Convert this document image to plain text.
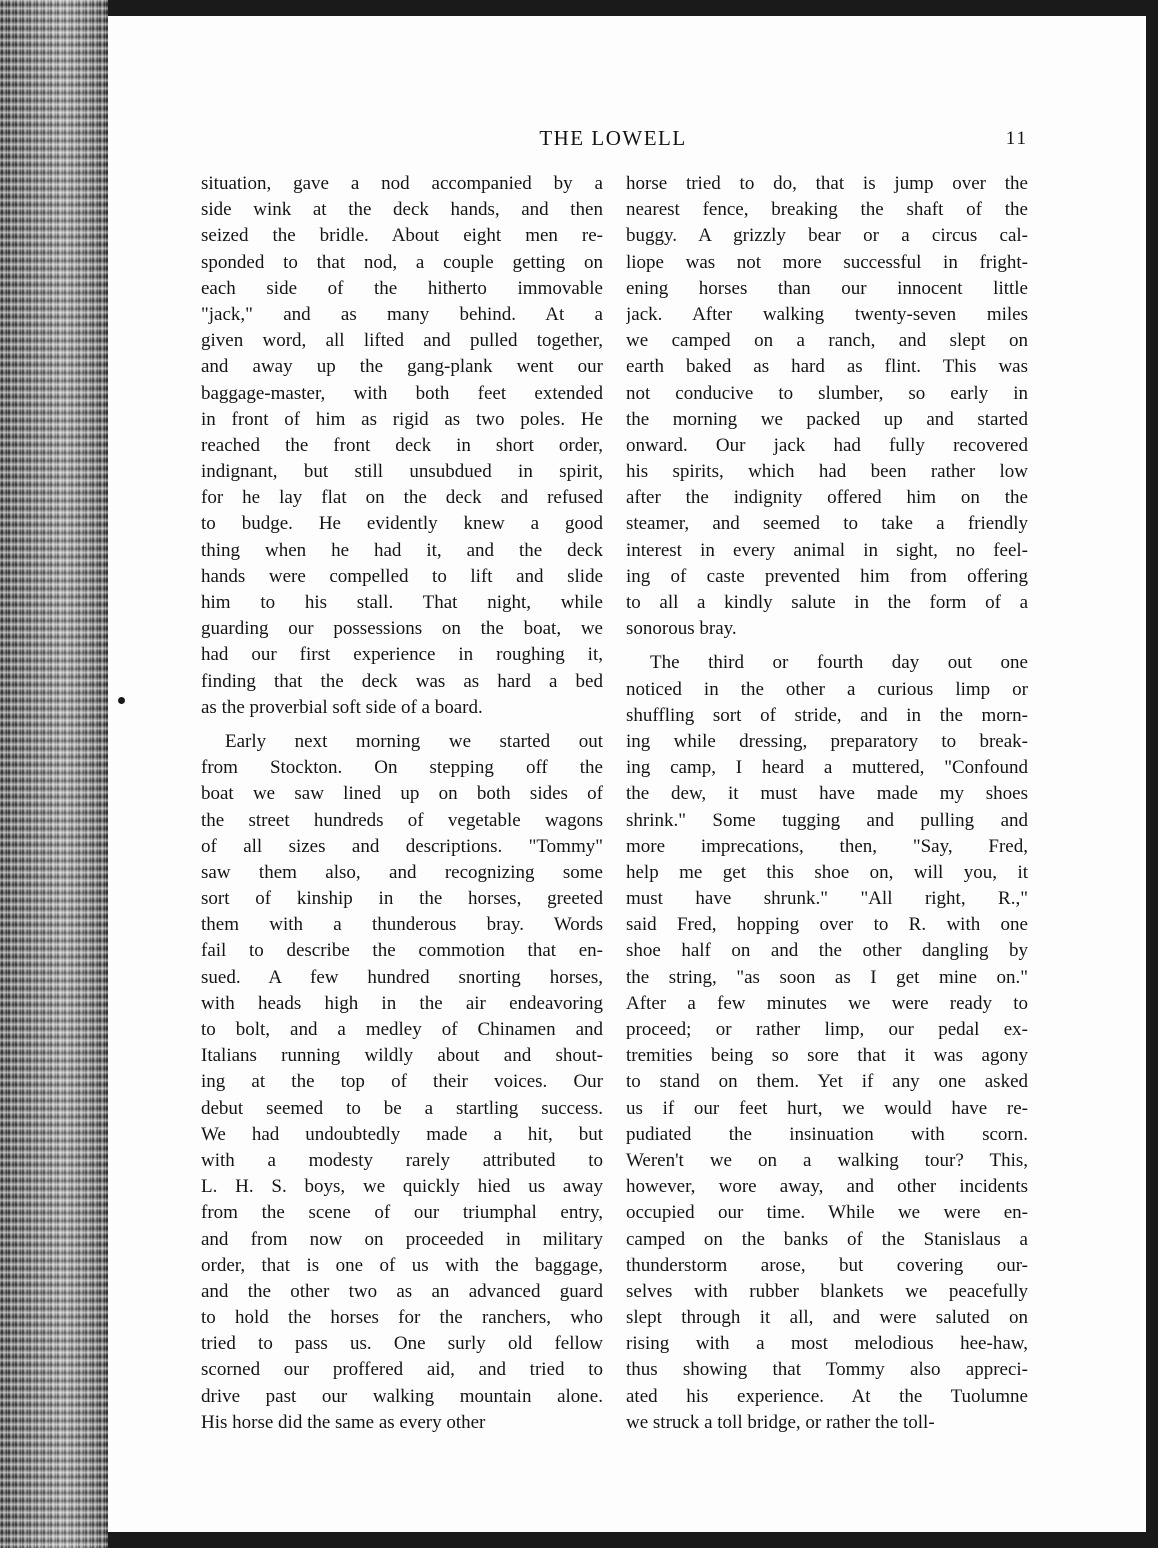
THE LOWELL	11
situation, gave a nod accompanied by a
side wink at the deck hands, and then
seized the bridle. About eight men re-
sponded to that nod, a couple getting on
each side of the hitherto immovable
"jack," and as many behind. At a
given word, all lifted and pulled together,
and away up the gang-plank went our
baggage-master, with both feet extended
in front of him as rigid as two poles. He
reached the front deck in short order,
indignant, but still unsubdued in spirit,
for he lay flat on the deck and refused
to budge. He evidently knew a good
thing when he had it, and the deck
hands were compelled to lift and slide
him to his stall. That night, while
guarding our possessions on the boat, we
had our first experience in roughing it,
finding that the deck was as hard a bed
as the proverbial soft side of a board.
Early next morning we started out
from Stockton. On stepping off the
boat we saw lined up on both sides of
the street hundreds of vegetable wagons
of all sizes and descriptions. "Tommy"
saw them also, and recognizing some
sort of kinship in the horses, greeted
them with a thunderous bray. Words
fail to describe the commotion that en-
sued. A few hundred snorting horses,
with heads high in the air endeavoring
to bolt, and a medley of Chinamen and
Italians running wildly about and shout-
ing at the top of their voices. Our
debut seemed to be a startling success.
We had undoubtedly made a hit, but
with a modesty rarely attributed to
L. H. S. boys, we quickly hied us away
from the scene of our triumphal entry,
and from now on proceeded in military
order, that is one of us with the baggage,
and the other two as an advanced guard
to hold the horses for the ranchers, who
tried to pass us. One surly old fellow
scorned our proffered aid, and tried to
drive past our walking mountain alone.
His horse did the same as every other
horse tried to do, that is jump over the
nearest fence, breaking the shaft of the
buggy. A grizzly bear or a circus cal-
liope was not more successful in fright-
ening horses than our innocent little
jack. After walking twenty-seven miles
we camped on a ranch, and slept on
earth baked as hard as flint. This was
not conducive to slumber, so early in
the morning we packed up and started
onward. Our jack had fully recovered
his spirits, which had been rather low
after the indignity offered him on the
steamer, and seemed to take a friendly
interest in every animal in sight, no feel-
ing of caste prevented him from offering
to all a kindly salute in the form of a
sonorous bray.
The third or fourth day out one
noticed in the other a curious limp or
shuffling sort of stride, and in the morn-
ing while dressing, preparatory to break-
ing camp, I heard a muttered, "Confound
the dew, it must have made my shoes
shrink." Some tugging and pulling and
more imprecations, then, "Say, Fred,
help me get this shoe on, will you, it
must have shrunk." "All right, R.,"
said Fred, hopping over to R. with one
shoe half on and the other dangling by
the string, "as soon as I get mine on."
After a few minutes we were ready to
proceed; or rather limp, our pedal ex-
tremities being so sore that it was agony
to stand on them. Yet if any one asked
us if our feet hurt, we would have re-
pudiated the insinuation with scorn.
Weren't we on a walking tour? This,
however, wore away, and other incidents
occupied our time. While we were en-
camped on the banks of the Stanislaus a
thunderstorm arose, but covering our-
selves with rubber blankets we peacefully
slept through it all, and were saluted on
rising with a most melodious hee-haw,
thus showing that Tommy also appreci-
ated his experience. At the Tuolumne
we struck a toll bridge, or rather the toll-
